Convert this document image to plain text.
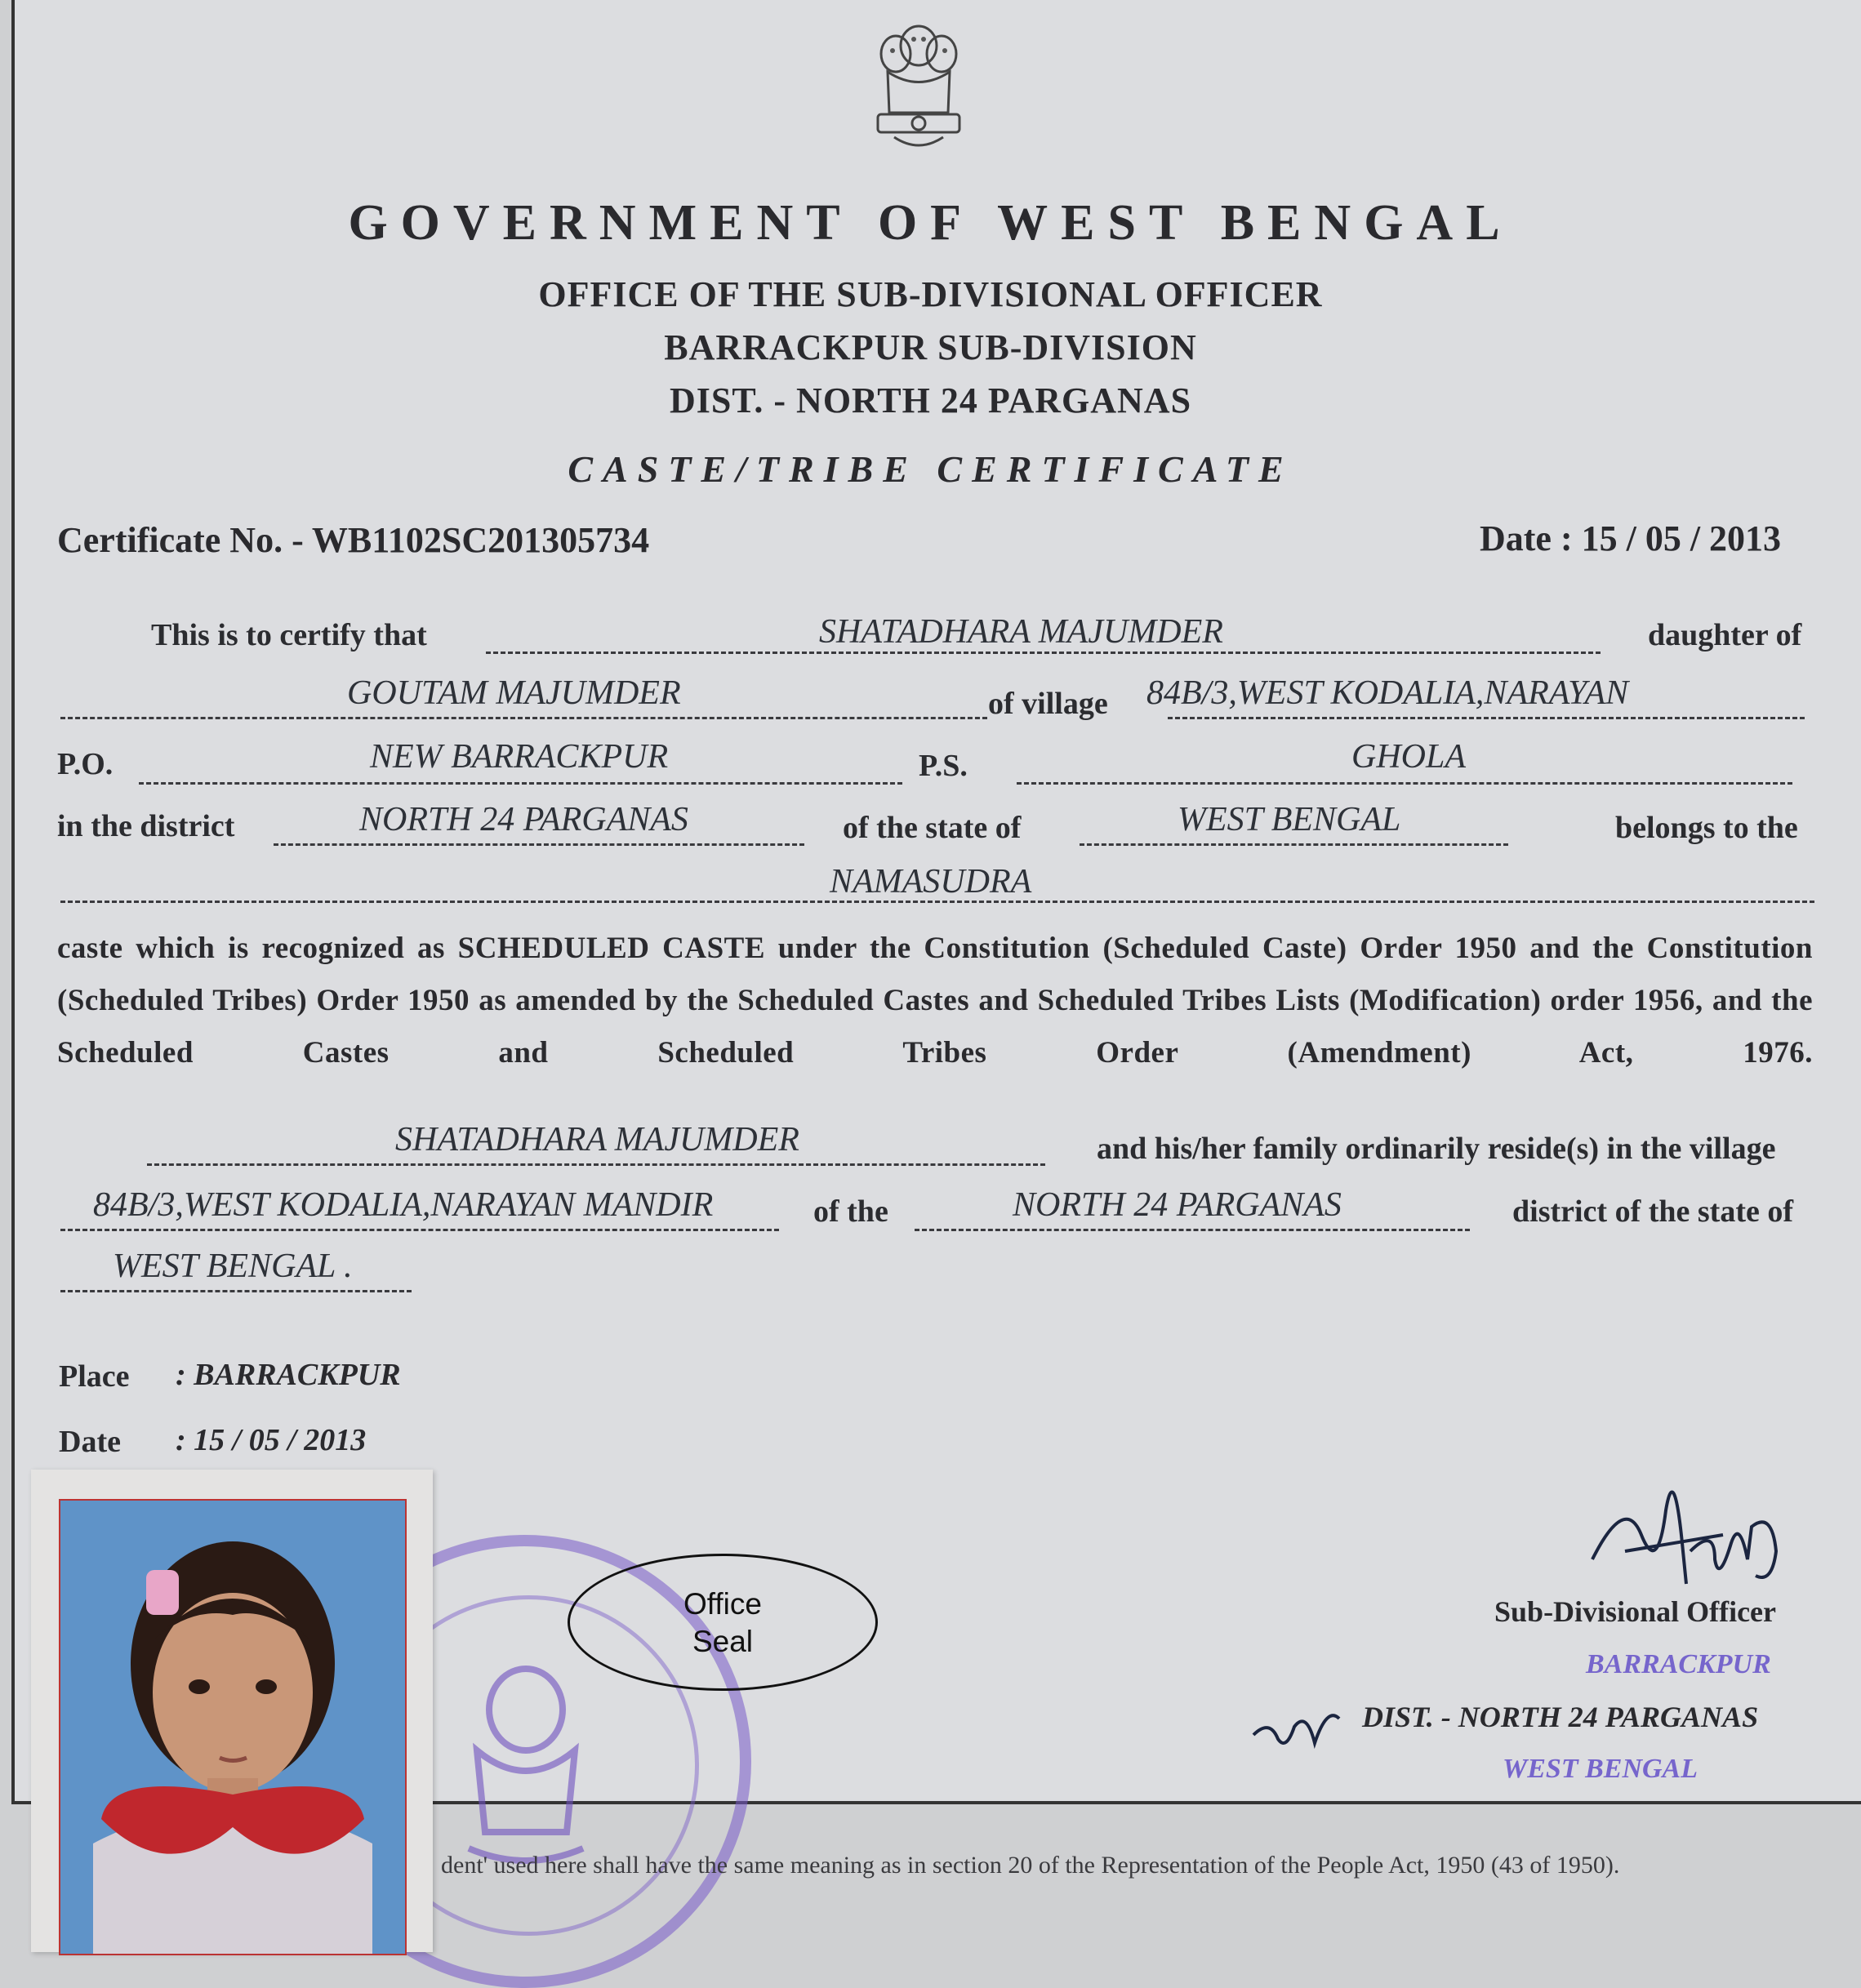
GOVERNMENT OF WEST BENGAL
OFFICE OF THE SUB-DIVISIONAL OFFICER
BARRACKPUR SUB-DIVISION
DIST. - NORTH 24 PARGANAS
CASTE/TRIBE CERTIFICATE
Certificate No. - WB1102SC201305734	Date : 15 / 05 / 2013
This is to certify that	SHATADHARA MAJUMDER	daughter of
GOUTAM MAJUMDER	of village 84B/3,WEST KODALIA,NARAYAN
P.O.	NEW BARRACKPUR	P.S.	GHOLA
in the district	NORTH 24 PARGANAS	of the state of	WEST BENGAL	belongs to the
NAMASUDRA
caste which is recognized as SCHEDULED CASTE under the Constitution (Scheduled Caste) Order 1950 and the Constitution (Scheduled Tribes) Order 1950 as amended by the Scheduled Castes and Scheduled Tribes Lists (Modification) order 1956, and the Scheduled Castes and Scheduled Tribes Order (Amendment) Act, 1976.
SHATADHARA MAJUMDER	and his/her family ordinarily reside(s) in the village
84B/3,WEST KODALIA,NARAYAN MANDIR	of the	NORTH 24 PARGANAS	district of the state of
WEST BENGAL .
Place : BARRACKPUR
Date : 15 / 05 / 2013
Office
Seal
Sub-Divisional Officer
BARRACKPUR
DIST. - NORTH 24 PARGANAS
WEST BENGAL
dent' used here shall have the same meaning as in section 20 of the Representation of the People Act, 1950 (43 of 1950).
